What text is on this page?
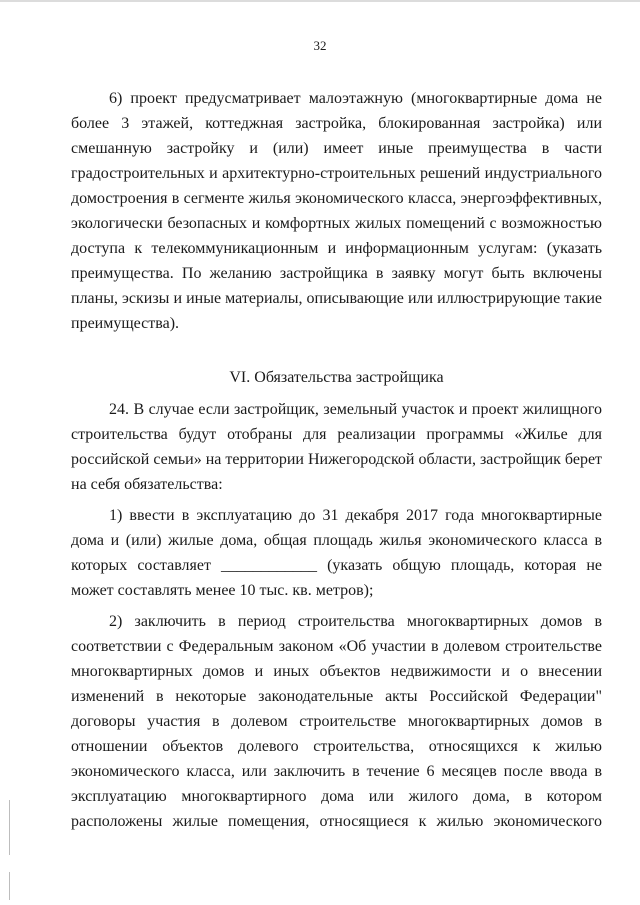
32
6) проект предусматривает малоэтажную (многоквартирные дома не
более 3 этажей, коттеджная застройка, блокированная застройка) или
смешанную застройку и (или) имеет иные преимущества в части
градостроительных и архитектурно-строительных решений индустриального
домостроения в сегменте жилья экономического класса, энергоэффективных,
экологически безопасных и комфортных жилых помещений с возможностью
доступа к телекоммуникационным и информационным услугам: (указать
преимущества. По желанию застройщика в заявку могут быть включены
планы, эскизы и иные материалы, описывающие или иллюстрирующие такие
преимущества).
VI. Обязательства застройщика
24. В случае если застройщик, земельный участок и проект жилищного
строительства будут отобраны для реализации программы «Жилье для
российской семьи» на территории Нижегородской области, застройщик берет
на себя обязательства:
1) ввести в эксплуатацию до 31 декабря 2017 года многоквартирные
дома и (или) жилые дома, общая площадь жилья экономического класса в
которых составляет ____________ (указать общую площадь, которая не
может составлять менее 10 тыс. кв. метров);
2) заключить в период строительства многоквартирных домов в
соответствии с Федеральным законом «Об участии в долевом строительстве
многоквартирных домов и иных объектов недвижимости и о внесении
изменений в некоторые законодательные акты Российской Федерации"
договоры участия в долевом строительстве многоквартирных домов в
отношении объектов долевого строительства, относящихся к жилью
экономического класса, или заключить в течение 6 месяцев после ввода в
эксплуатацию многоквартирного дома или жилого дома, в котором
расположены жилые помещения, относящиеся к жилью экономического
